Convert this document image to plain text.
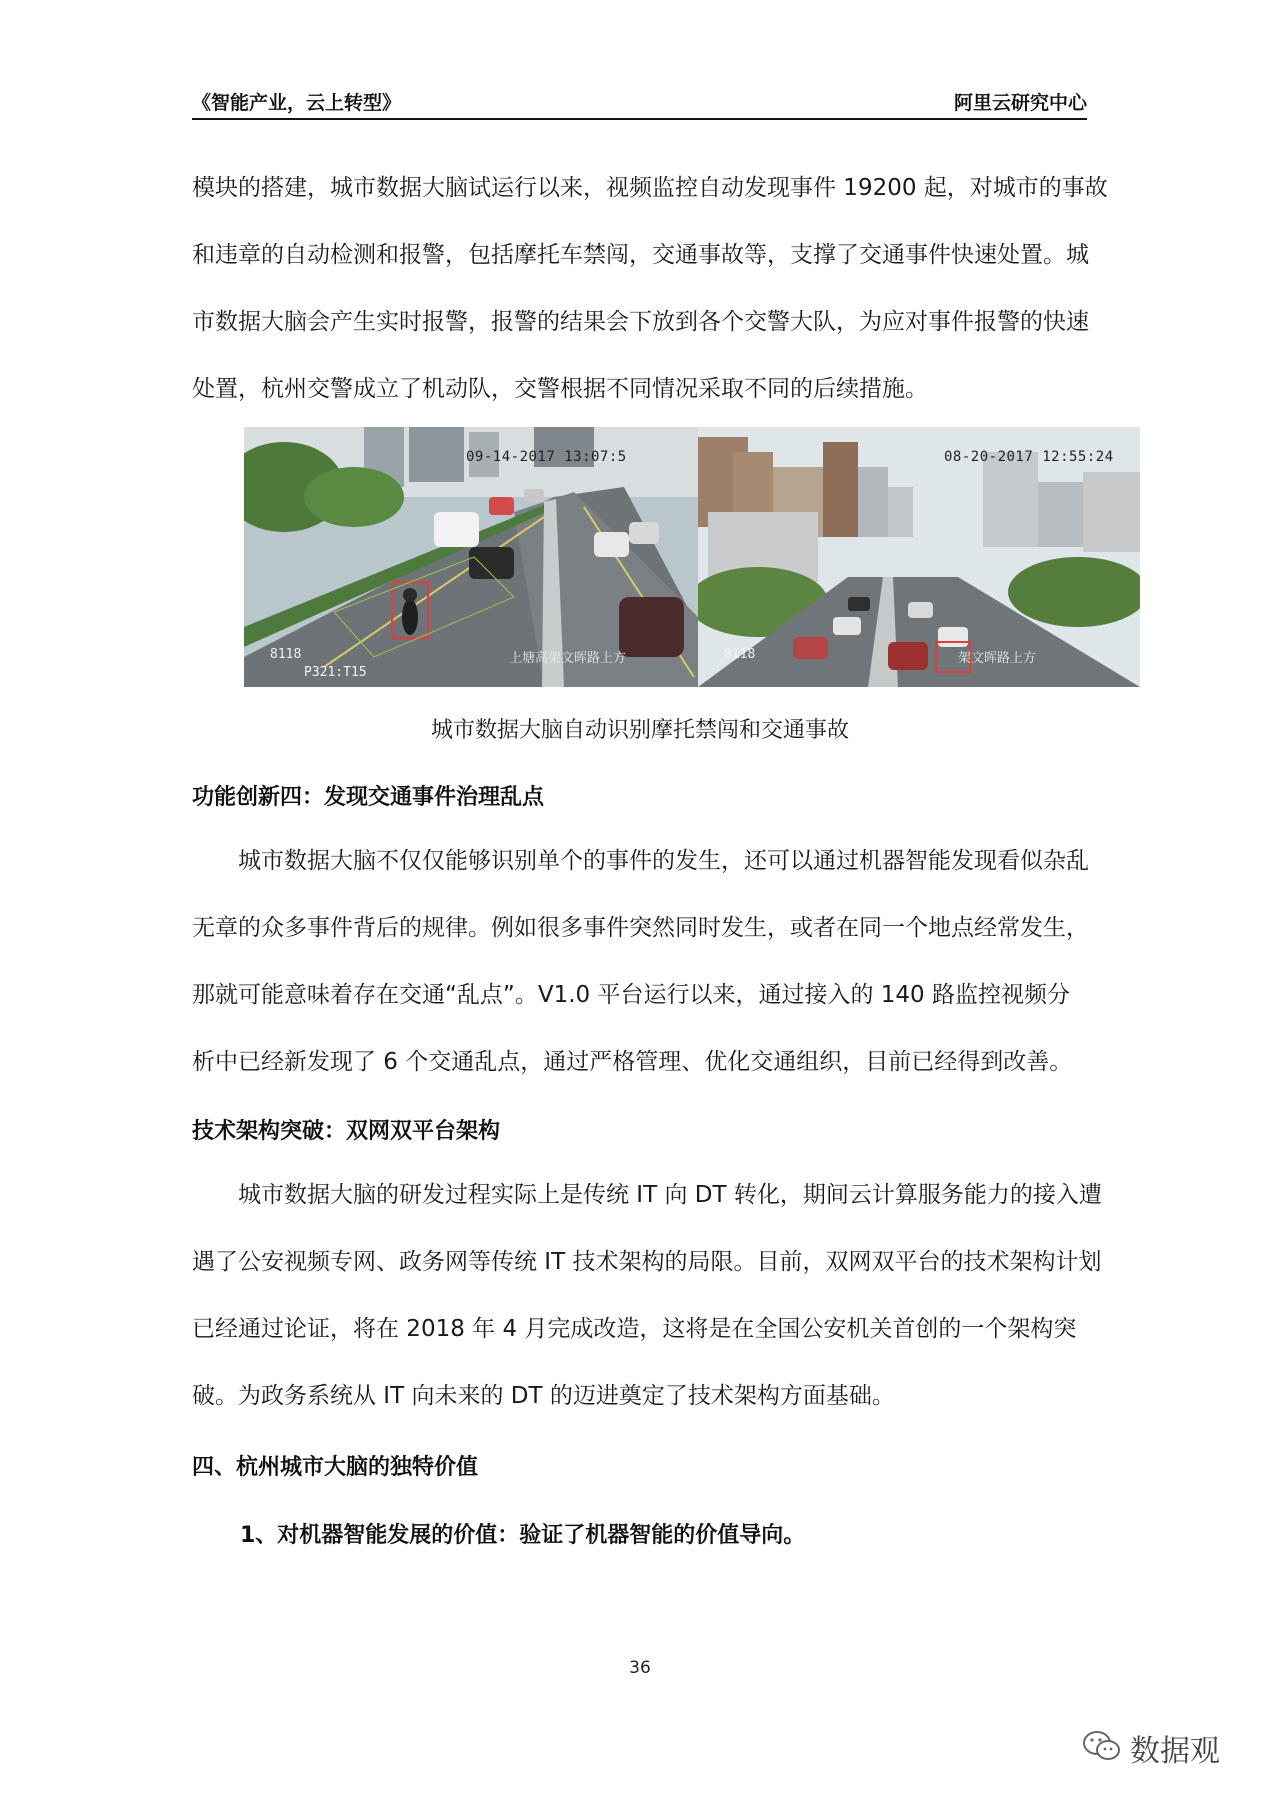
《智能产业，云上转型》	阿里云研究中心

模块的搭建，城市数据大脑试运行以来，视频监控自动发现事件 19200 起，对城市的事故
和违章的自动检测和报警，包括摩托车禁闯，交通事故等，支撑了交通事件快速处置。城
市数据大脑会产生实时报警，报警的结果会下放到各个交警大队，为应对事件报警的快速
处置，杭州交警成立了机动队，交警根据不同情况采取不同的后续措施。

09-14-2017 13:07:5
8118
P321:T15
上塘高架文晖路上方
08-20-2017 12:55:24
8118	架文晖路上方
城市数据大脑自动识别摩托禁闯和交通事故
功能创新四：发现交通事件治理乱点

城市数据大脑不仅仅能够识别单个的事件的发生，还可以通过机器智能发现看似杂乱
无章的众多事件背后的规律。例如很多事件突然同时发生，或者在同一个地点经常发生，
那就可能意味着存在交通“乱点”。V1.0 平台运行以来，通过接入的 140 路监控视频分
析中已经新发现了 6 个交通乱点，通过严格管理、优化交通组织，目前已经得到改善。

技术架构突破：双网双平台架构

城市数据大脑的研发过程实际上是传统 IT 向 DT 转化，期间云计算服务能力的接入遭
遇了公安视频专网、政务网等传统 IT 技术架构的局限。目前，双网双平台的技术架构计划
已经通过论证，将在 2018 年 4 月完成改造，这将是在全国公安机关首创的一个架构突
破。为政务系统从 IT 向未来的 DT 的迈进奠定了技术架构方面基础。

四、杭州城市大脑的独特价值
1、对机器智能发展的价值：验证了机器智能的价值导向。
36
数据观
